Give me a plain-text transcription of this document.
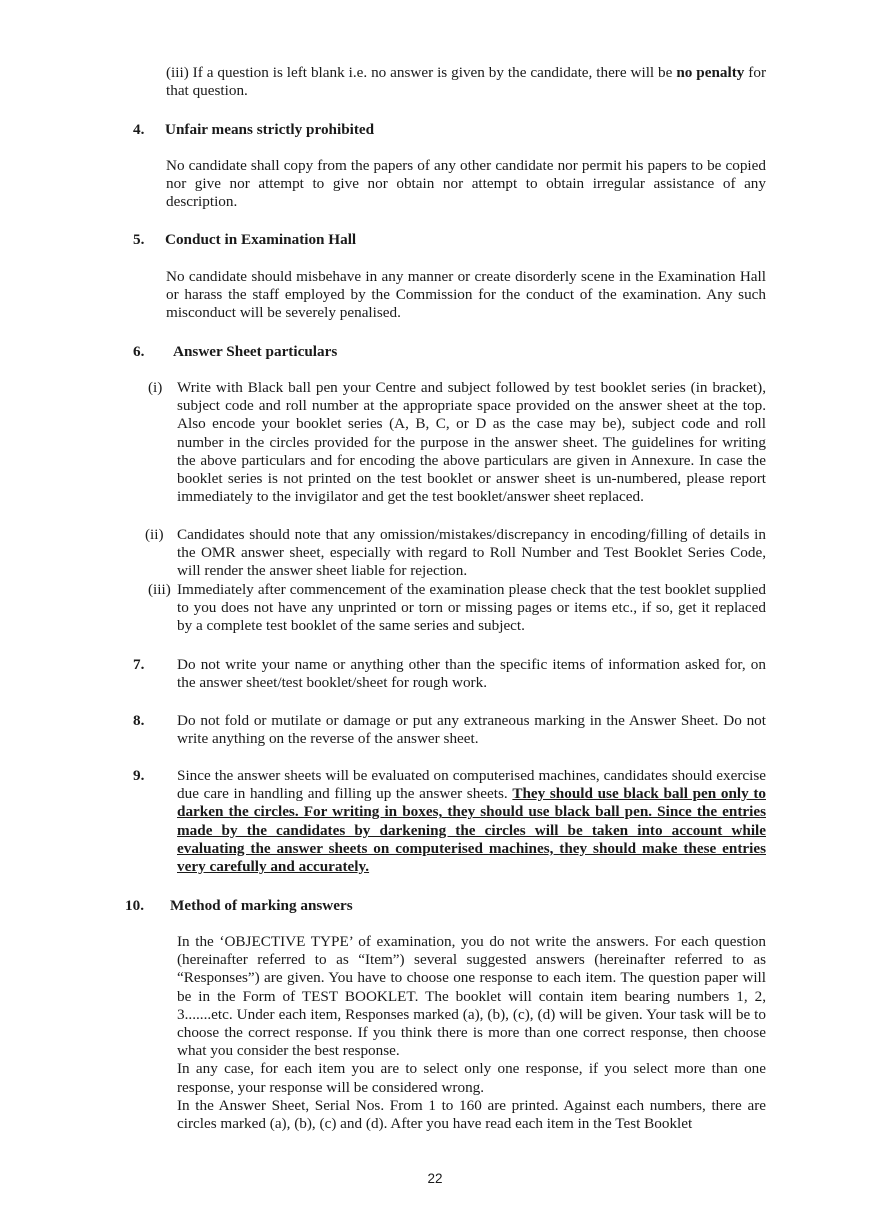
(iii) If a question is left blank i.e. no answer is given by the candidate, there will be no penalty for that question.
4. Unfair means strictly prohibited
No candidate shall copy from the papers of any other candidate nor permit his papers to be copied nor give nor attempt to give nor obtain nor attempt to obtain irregular assistance of any description.
5. Conduct in Examination Hall
No candidate should misbehave in any manner or create disorderly scene in the Examination Hall or harass the staff employed by the Commission for the conduct of the examination. Any such misconduct will be severely penalised.
6. Answer Sheet particulars
(i) Write with Black ball pen your Centre and subject followed by test booklet series (in bracket), subject code and roll number at the appropriate space provided on the answer sheet at the top. Also encode your booklet series (A, B, C, or D as the case may be), subject code and roll number in the circles provided for the purpose in the answer sheet. The guidelines for writing the above particulars and for encoding the above particulars are given in Annexure. In case the booklet series is not printed on the test booklet or answer sheet is un-numbered, please report immediately to the invigilator and get the test booklet/answer sheet replaced.
(ii) Candidates should note that any omission/mistakes/discrepancy in encoding/filling of details in the OMR answer sheet, especially with regard to Roll Number and Test Booklet Series Code, will render the answer sheet liable for rejection.
(iii) Immediately after commencement of the examination please check that the test booklet supplied to you does not have any unprinted or torn or missing pages or items etc., if so, get it replaced by a complete test booklet of the same series and subject.
7. Do not write your name or anything other than the specific items of information asked for, on the answer sheet/test booklet/sheet for rough work.
8. Do not fold or mutilate or damage or put any extraneous marking in the Answer Sheet. Do not write anything on the reverse of the answer sheet.
9. Since the answer sheets will be evaluated on computerised machines, candidates should exercise due care in handling and filling up the answer sheets. They should use black ball pen only to darken the circles. For writing in boxes, they should use black ball pen. Since the entries made by the candidates by darkening the circles will be taken into account while evaluating the answer sheets on computerised machines, they should make these entries very carefully and accurately.
10. Method of marking answers
In the ‘OBJECTIVE TYPE’ of examination, you do not write the answers. For each question (hereinafter referred to as “Item”) several suggested answers (hereinafter referred to as “Responses”) are given. You have to choose one response to each item. The question paper will be in the Form of TEST BOOKLET. The booklet will contain item bearing numbers 1, 2, 3.......etc. Under each item, Responses marked (a), (b), (c), (d) will be given. Your task will be to choose the correct response. If you think there is more than one correct response, then choose what you consider the best response.
In any case, for each item you are to select only one response, if you select more than one response, your response will be considered wrong.
In the Answer Sheet, Serial Nos. From 1 to 160 are printed. Against each numbers, there are circles marked (a), (b), (c) and (d). After you have read each item in the Test Booklet
22
